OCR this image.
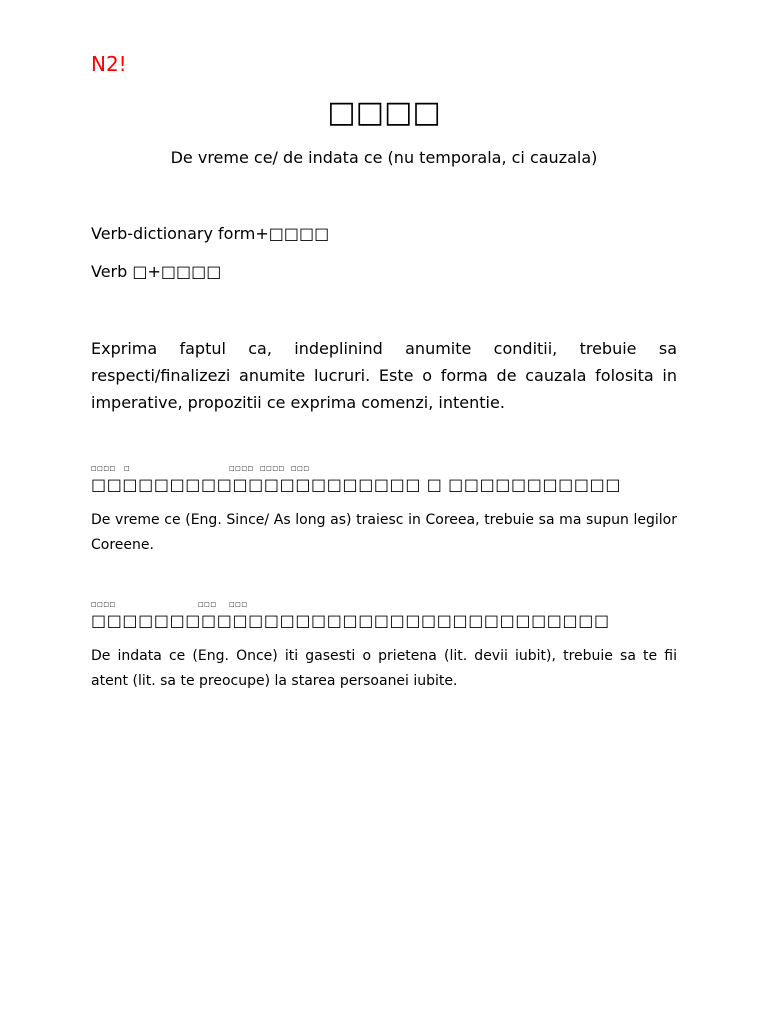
N2!
□□□□
De vreme ce/ de indata ce (nu temporala, ci cauzala)
Verb-dictionary form+□□□□
Verb □+□□□□
Exprima faptul ca, indeplinind anumite conditii, trebuie sa respecti/finalizezi anumite lucruri. Este o forma de cauzala folosita in imperative, propozitii ce exprima comenzi, intentie.
□□□□ □	□□□□ □□□□ □□□
□□□□□□□□□□□□□□□□□□□□□ □ □□□□□□□□□□□
De vreme ce (Eng. Since/ As long as) traiesc in Coreea, trebuie sa ma supun legilor Coreene.
□□□□	□□□ □□□
□□□□□□□□□□□□□□□□□□□□□□□□□□□□□□□□□
De indata ce (Eng. Once) iti gasesti o prietena (lit. devii iubit), trebuie sa te fii atent (lit. sa te preocupe) la starea persoanei iubite.
